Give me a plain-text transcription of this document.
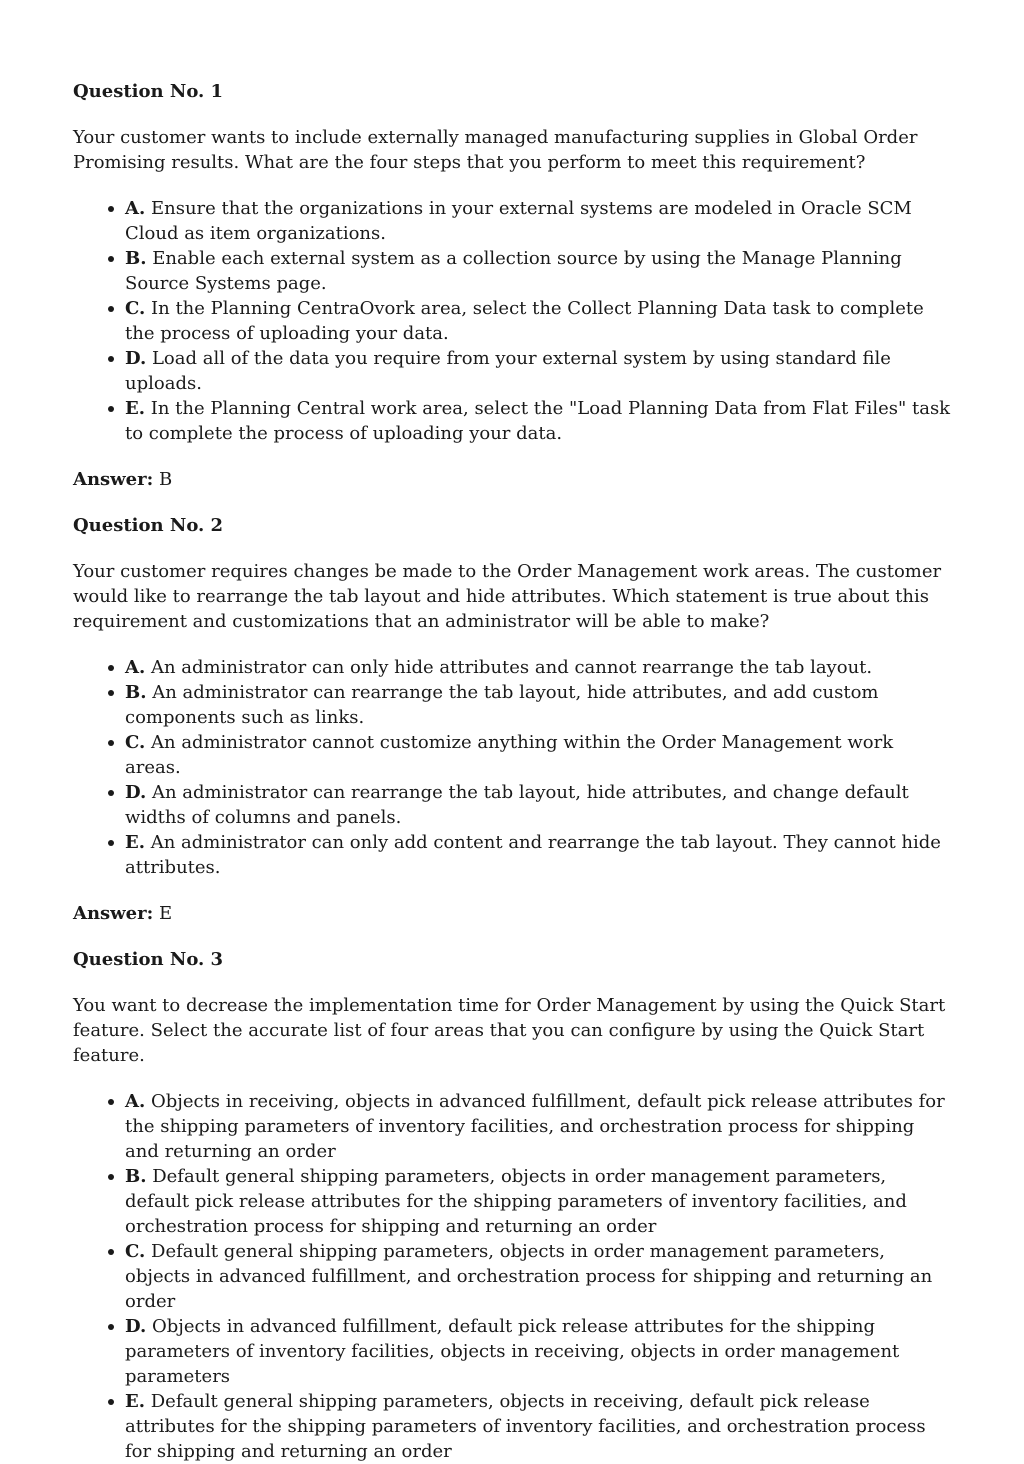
Question No. 1
Your customer wants to include externally managed manufacturing supplies in Global Order Promising results. What are the four steps that you perform to meet this requirement?
A. Ensure that the organizations in your external systems are modeled in Oracle SCM Cloud as item organizations.
B. Enable each external system as a collection source by using the Manage Planning Source Systems page.
C. In the Planning CentraOvork area, select the Collect Planning Data task to complete the process of uploading your data.
D. Load all of the data you require from your external system by using standard file uploads.
E. In the Planning Central work area, select the "Load Planning Data from Flat Files" task to complete the process of uploading your data.
Answer: B
Question No. 2
Your customer requires changes be made to the Order Management work areas. The customer would like to rearrange the tab layout and hide attributes. Which statement is true about this requirement and customizations that an administrator will be able to make?
A. An administrator can only hide attributes and cannot rearrange the tab layout.
B. An administrator can rearrange the tab layout, hide attributes, and add custom components such as links.
C. An administrator cannot customize anything within the Order Management work areas.
D. An administrator can rearrange the tab layout, hide attributes, and change default widths of columns and panels.
E. An administrator can only add content and rearrange the tab layout. They cannot hide attributes.
Answer: E
Question No. 3
You want to decrease the implementation time for Order Management by using the Quick Start feature. Select the accurate list of four areas that you can configure by using the Quick Start feature.
A. Objects in receiving, objects in advanced fulfillment, default pick release attributes for the shipping parameters of inventory facilities, and orchestration process for shipping and returning an order
B. Default general shipping parameters, objects in order management parameters, default pick release attributes for the shipping parameters of inventory facilities, and orchestration process for shipping and returning an order
C. Default general shipping parameters, objects in order management parameters, objects in advanced fulfillment, and orchestration process for shipping and returning an order
D. Objects in advanced fulfillment, default pick release attributes for the shipping parameters of inventory facilities, objects in receiving, objects in order management parameters
E. Default general shipping parameters, objects in receiving, default pick release attributes for the shipping parameters of inventory facilities, and orchestration process for shipping and returning an order
